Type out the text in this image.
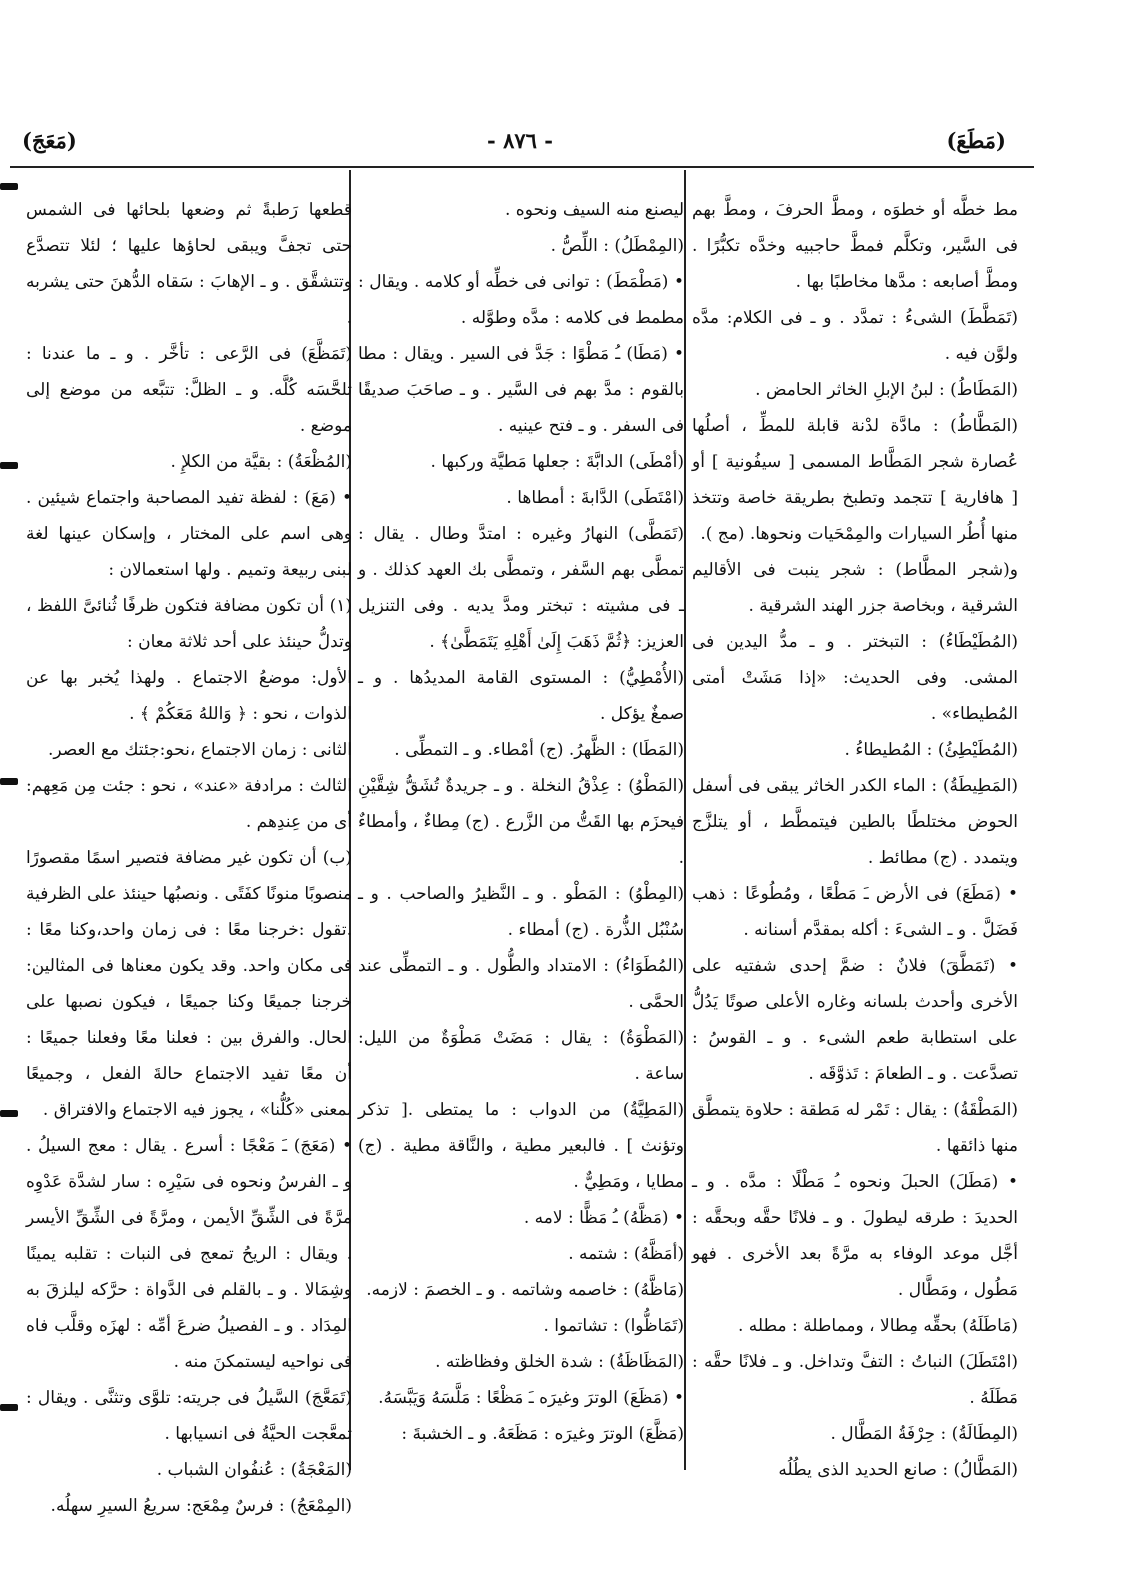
(مَطَعَ)
- ٨٧٦ -
(مَعَجَ)

مط خطَّه أو خطوَه ، ومطَّ الحرفَ ، ومطَّ بهم فى السَّير، وتكلَّم فمطَّ حاجبيه وخدَّه تكبُّرًا . ومطَّ أصابعه : مدَّها مخاطبًا بها .

(تَمَطَّطَ) الشىءُ : تمدَّد . و ـ فى الكلام: مدَّه ولوَّن فيه .

(المَطَاطُ) : لبنُ الإبلِ الخاثر الحامض .

(المَطَّاطُ) : مادَّة لدْنة قابلة للمطِّ ، أصلُها عُصارة شجر المَطَّاط المسمى [ سيفُونية ] أو [ هافارية ] تتجمد وتطبخ بطريقة خاصة وتتخذ منها أُطُر السيارات والمِمْحَيات ونحوها. (مج ).

و(شجر المطَّاط) : شجر ينبت فى الأقاليم الشرقية ، وبخاصة جزر الهند الشرقية .

(المُطَيْطَاءُ) : التبختر . و ـ مدُّ اليدين فى المشى. وفى الحديث: «إذا مَشَتْ أمتى المُطيطاء» .

(المُطَيْطِئُ) : المُطيطاءُ .

(المَطِيطَةُ) : الماء الكدر الخاثر يبقى فى أسفل الحوض مختلطًا بالطين فيتمطَّط ، أو يتلزَّج ويتمدد . (ج) مطائط .

• (مَطَعَ) فى الأرض ـَ مَطْعًا ، ومُطُوعًا : ذهب فَضَلَّ . و ـ الشىءَ : أكله بمقدَّم أسنانه .

• (تَمَطَّقَ) فلانٌ : ضمَّ إحدى شفتيه على الأخرى وأحدث بلسانه وغاره الأعلى صوتًا يَدُلُّ على استطابة طعم الشىء . و ـ القوسُ : تصدَّعت . و ـ الطعامَ : تَذوَّقَه .

(المَطْقَةُ) : يقال : تَمْر له مَطقة : حلاوة يتمطَّق منها ذائقها .

• (مَطَلَ) الحبلَ ونحوه ـُ مَطْلًا : مدَّه . و ـ الحديدَ : طرقه ليطولَ . و ـ فلانًا حقَّه وبحقَّه : أجَّل موعد الوفاء به مرَّةً بعد الأخرى . فهو مَطُول ، ومَطَّال .

(مَاطَلَهُ) بحقِّه مِطالا ، ومماطلة : مطله .

(امْتَطَلَ) النباتُ : التفَّ وتداخل. و ـ فلانًا حقَّه : مَطَلَهُ .

(المِطَالَةُ) : حِرْفَةُ المَطَّال .

(المَطَّالُ) : صانع الحديد الذى يطُلُه

ليصنع منه السيف ونحوه .

(المِمْطَلُ) : اللِّصُّ .

• (مَطْمَطَ) : توانى فى خطِّه أو كلامه . ويقال : مطمط فى كلامه : مدَّه وطوَّله .

• (مَطَا) ـُ مَطْوًا : جَدَّ فى السير . ويقال : مطا بالقوم : مدَّ بهم فى السَّير . و ـ صاحَبَ صديقًا فى السفر . و ـ فتح عينيه .

(أمْطَى) الدابَّةَ : جعلها مَطيَّة وركبها .

(امْتَطَى) الدَّابةَ : أمطاها .

(تَمَطَّى) النهارُ وغيره : امتدَّ وطال . يقال : تمطَّى بهم السَّفر ، وتمطَّى بك العهد كذلك . و ـ فى مشيته : تبختر ومدَّ يديه . وفى التنزيل العزيز: ﴿ثُمَّ ذَهَبَ إِلَىٰ أَهْلِهِ يَتَمَطَّىٰ﴾ .

(الأُمْطِيُّ) : المستوى القامة المديدُها . و ـ صمغٌ يؤكل .

(المَطَا) : الظَّهرُ. (ج) أمْطاء. و ـ التمطِّى .

(المَطْوُ) : عِذْقُ النخلة . و ـ جريدةٌ تُشَقُّ شِقَّيْنِ فيحزَم بها القَتُّ من الزَّرع . (ج) مِطاءٌ ، وأمطاءٌ .

(المِطْوُ) : المَطْو . و ـ النَّظيرُ والصاحب . و ـ سُنْبُل الذُّرة . (ج) أمطاء .

(المُطَوَاءُ) : الامتداد والطُّول . و ـ التمطِّى عند الحمَّى .

(المَطْوَةُ) : يقال : مَضَتْ مَطْوَةٌ من الليل: ساعة .

(المَطِيَّةُ) من الدواب : ما يمتطى .[ تذكر وتؤنث ] . فالبعير مطية ، والنَّاقة مطية . (ج) مطايا ، ومَطِيٌّ .

• (مَظَّهُ) ـُ مَظًّا : لامه .

(أمَظَّهُ) : شتمه .

(مَاظَّهُ) : خاصمه وشاتمه . و ـ الخصمَ : لازمه.

(تَمَاظُّوا) : تشاتموا .

(المَظَاظَةُ) : شدة الخلق وفظاظته .

• (مَظَعَ) الوترَ وغيرَه ـَ مَظْعًا : مَلَّسَهُ وَيَبَّسَهُ.

(مَظَّعَ) الوترَ وغيرَه : مَظَعَهُ. و ـ الخشبةَ :

قطعها رَطبةً ثم وضعها بلحائها فى الشمس حتى تجفَّ ويبقى لحاؤها عليها ؛ لئلا تتصدَّع وتتشقَّق . و ـ الإهابَ : سَقاه الدُّهنَ حتى يشربه .

(تَمَظَّعَ) فى الرَّعى : تأخَّر . و ـ ما عندنا : تلحَّسَه كُلَّه. و ـ الظلَّ: تتبَّعه من موضع إلى موضع .

(المُظْعَةُ) : بقيَّة من الكلإِ .

• (مَعَ) : لفظة تفيد المصاحبة واجتماع شيئين . وهى اسم على المختار ، وإسكان عينها لغة لبنى ربيعة وتميم . ولها استعمالان :

(١) أن تكون مضافة فتكون ظرفًا ثُنائىَّ اللفظ ، وتدلُّ حينئذ على أحد ثلاثة معان :

الأول: موضعُ الاجتماع . ولهذا يُخبر بها عن الذوات ، نحو : ﴿ وَاللهُ مَعَكُمْ ﴾ .

الثانى : زمان الاجتماع ،نحو:جئتك مع العصر.

الثالث : مرادفة «عند» ، نحو : جئت مِن مَعِهم: أى من عِندِهم .

(ب) أن تكون غير مضافة فتصير اسمًا مقصورًا منصوبًا منونًا كفَتًى . ونصبُها حينئذ على الظرفية .تقول :خرجنا معًا : فى زمان واحد،وكنا معًا : فى مكان واحد. وقد يكون معناها فى المثالين: خرجنا جميعًا وكنا جميعًا ، فيكون نصبها على الحال. والفرق بين : فعلنا معًا وفعلنا جميعًا : أن معًا تفيد الاجتماع حالةَ الفعل ، وجميعًا بمعنى «كُلُّنا» ، يجوز فيه الاجتماع والافتراق .

• (مَعَجَ) ـَ مَعْجًا : أسرع . يقال : معج السيلُ . و ـ الفرسُ ونحوه فى سَيْرِه : سار لشدَّة عَدْوِه مرَّةً فى الشِّقِّ الأيمن ، ومرَّةً فى الشِّقِّ الأيسر . ويقال : الريحُ تمعج فى النبات : تقلبه يمينًا وشِمَالا . و ـ بالقلم فى الدَّواة : حرَّكه ليلزقَ به المِدَاد . و ـ الفصيلُ ضرعَ أمِّه : لهزَه وقلَّب فاه فى نواحيه ليستمكنَ منه .

(تَمَعَّجَ) السَّيلُ فى جريته: تلوَّى وتثنَّى . ويقال : تمعَّجت الحيَّةُ فى انسيابها .

(المَعْجَةُ) : عُنفُوان الشباب .

(المِمْعَجُ) : فرسٌ مِمْعَج: سريعُ السيرِ سهلُه.
